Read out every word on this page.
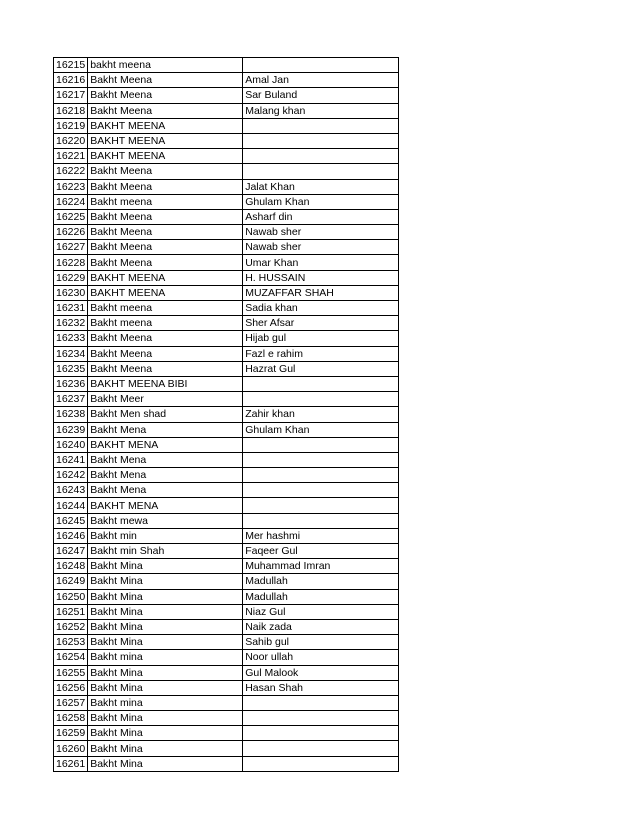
16215	bakht meena	
16216	Bakht Meena	Amal Jan
16217	Bakht Meena	Sar Buland
16218	Bakht Meena	Malang khan
16219	BAKHT MEENA	
16220	BAKHT MEENA	
16221	BAKHT MEENA	
16222	Bakht Meena	
16223	Bakht Meena	Jalat Khan
16224	Bakht meena	Ghulam Khan
16225	Bakht Meena	Asharf din
16226	Bakht Meena	Nawab sher
16227	Bakht Meena	Nawab sher
16228	Bakht Meena	Umar Khan
16229	BAKHT MEENA	H. HUSSAIN
16230	BAKHT MEENA	MUZAFFAR SHAH
16231	Bakht meena	Sadia khan
16232	Bakht meena	Sher Afsar
16233	Bakht Meena	Hijab gul
16234	Bakht Meena	Fazl e rahim
16235	Bakht Meena	Hazrat Gul
16236	BAKHT MEENA BIBI	
16237	Bakht Meer	
16238	Bakht Men shad	Zahir khan
16239	Bakht Mena	Ghulam Khan
16240	BAKHT MENA	
16241	Bakht Mena	
16242	Bakht Mena	
16243	Bakht Mena	
16244	BAKHT MENA	
16245	Bakht mewa	
16246	Bakht min	Mer hashmi
16247	Bakht min Shah	Faqeer Gul
16248	Bakht Mina	Muhammad Imran
16249	Bakht Mina	Madullah
16250	Bakht Mina	Madullah
16251	Bakht Mina	Niaz Gul
16252	Bakht Mina	Naik zada
16253	Bakht Mina	Sahib gul
16254	Bakht mina	Noor ullah
16255	Bakht Mina	Gul Malook
16256	Bakht Mina	Hasan Shah
16257	Bakht mina	
16258	Bakht Mina	
16259	Bakht Mina	
16260	Bakht Mina	
16261	Bakht Mina	
